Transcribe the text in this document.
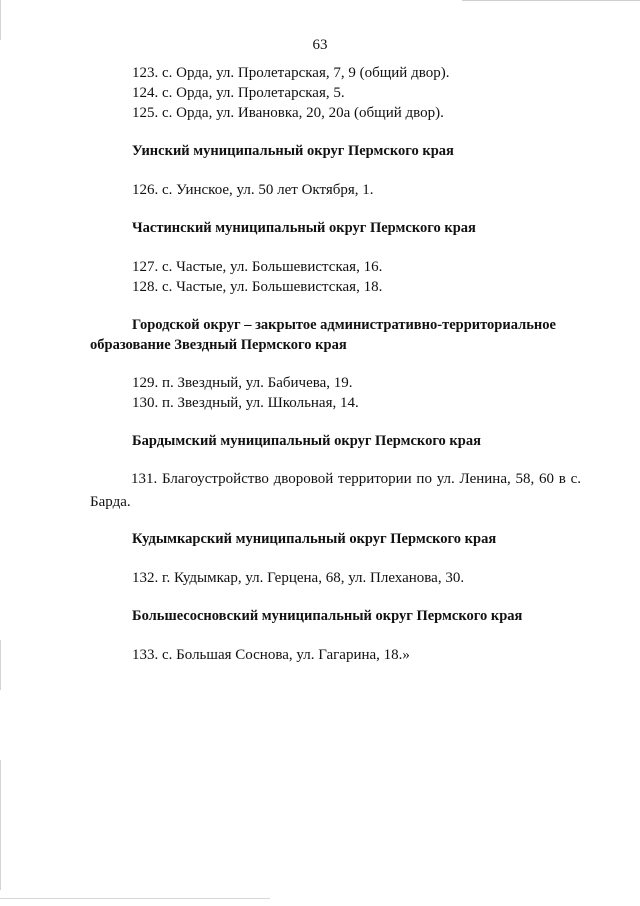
63
123. с. Орда, ул. Пролетарская, 7, 9 (общий двор).
124. с. Орда, ул. Пролетарская, 5.
125. с. Орда, ул. Ивановка, 20, 20а (общий двор).
Уинский муниципальный округ Пермского края
126. с. Уинское, ул. 50 лет Октября, 1.
Частинский муниципальный округ Пермского края
127. с. Частые, ул. Большевистская, 16.
128. с. Частые, ул. Большевистская, 18.
Городской округ – закрытое административно-территориальное
образование Звездный Пермского края
129. п. Звездный, ул. Бабичева, 19.
130. п. Звездный, ул. Школьная, 14.
Бардымский муниципальный округ Пермского края
131. Благоустройство дворовой территории по ул. Ленина, 58, 60 в с. Барда.
Кудымкарский муниципальный округ Пермского края
132. г. Кудымкар, ул. Герцена, 68, ул. Плеханова, 30.
Большесосновский муниципальный округ Пермского края
133. с. Большая Соснова, ул. Гагарина, 18.»
